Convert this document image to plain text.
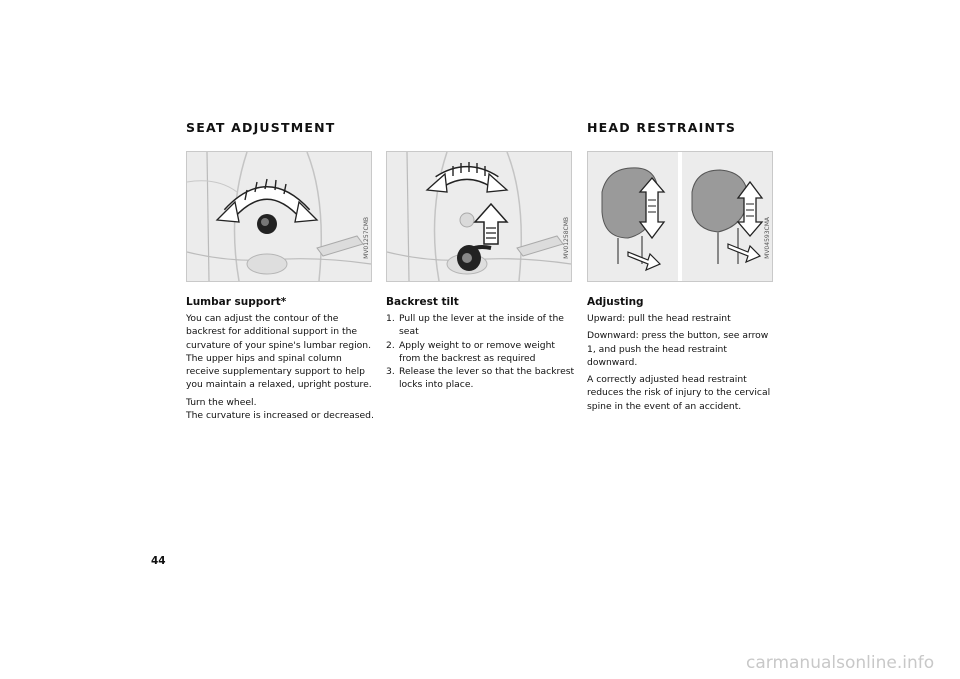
SEAT ADJUSTMENT	HEAD RESTRAINTS
MV01257CMB	MV01258CMB	MV04593CMA
Lumbar support*

You can adjust the contour of the backrest for additional support in the curvature of your spine's lumbar region. The upper hips and spinal column receive supplementary support to help you maintain a relaxed, upright posture.

Turn the wheel.

The curvature is increased or decreased.

Backrest tilt
1. Pull up the lever at the inside of the seat
2. Apply weight to or remove weight from the backrest as required
3. Release the lever so that the backrest locks into place.
Adjusting

Upward: pull the head restraint

Downward: press the button, see arrow 1, and push the head restraint downward.

A correctly adjusted head restraint reduces the risk of injury to the cervical spine in the event of an accident.

44
carmanualsonline.info
